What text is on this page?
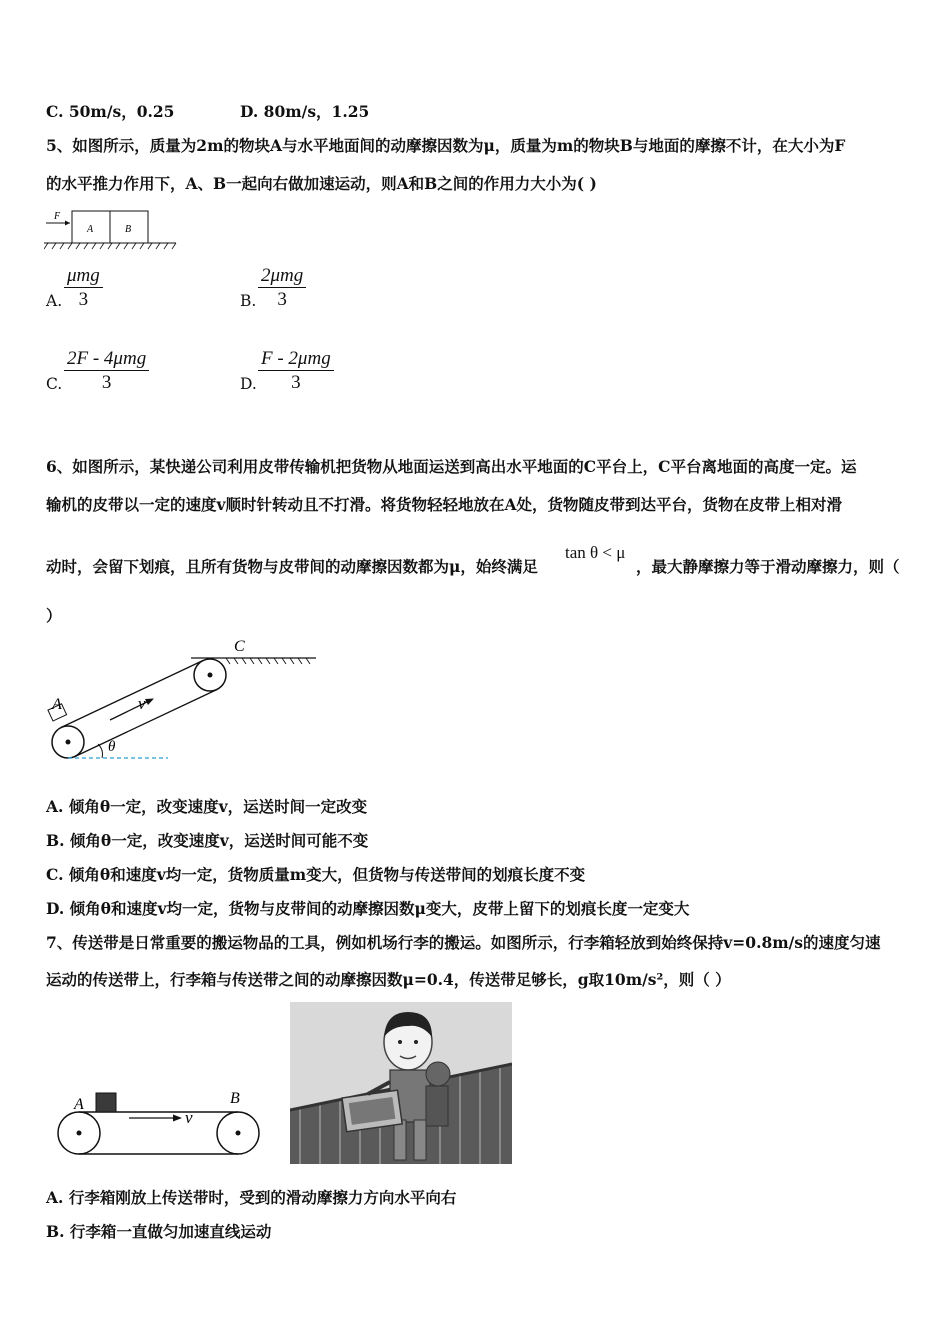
C. 50m/s，0.25	D. 80m/s，1.25
5、如图所示，质量为2m的物块A与水平地面间的动摩擦因数为μ，质量为m的物块B与地面的摩擦不计，在大小为F
的水平推力作用下，A、B一起向右做加速运动，则A和B之间的作用力大小为( )
F
A	B
A.
μmg
3	B.
2μmg
3
C.
2F - 4μmg
3	D.
F - 2μmg
3
6、如图所示，某快递公司利用皮带传输机把货物从地面运送到高出水平地面的C平台上，C平台离地面的高度一定。运
输机的皮带以一定的速度v顺时针转动且不打滑。将货物轻轻地放在A处，货物随皮带到达平台，货物在皮带上相对滑
动时，会留下划痕，且所有货物与皮带间的动摩擦因数都为μ，始终满足
tan θ < μ
，最大静摩擦力等于滑动摩擦力，则（
）
C
A	v
θ
A. 倾角θ一定，改变速度v，运送时间一定改变
B. 倾角θ一定，改变速度v，运送时间可能不变
C. 倾角θ和速度v均一定，货物质量m变大，但货物与传送带间的划痕长度不变
D. 倾角θ和速度v均一定，货物与皮带间的动摩擦因数μ变大，皮带上留下的划痕长度一定变大
7、传送带是日常重要的搬运物品的工具，例如机场行李的搬运。如图所示，行李箱轻放到始终保持v=0.8m/s的速度匀速
运动的传送带上，行李箱与传送带之间的动摩擦因数μ=0.4，传送带足够长，g取10m/s²，则（ ）
A	B
v
A. 行李箱刚放上传送带时，受到的滑动摩擦力方向水平向右
B. 行李箱一直做匀加速直线运动
